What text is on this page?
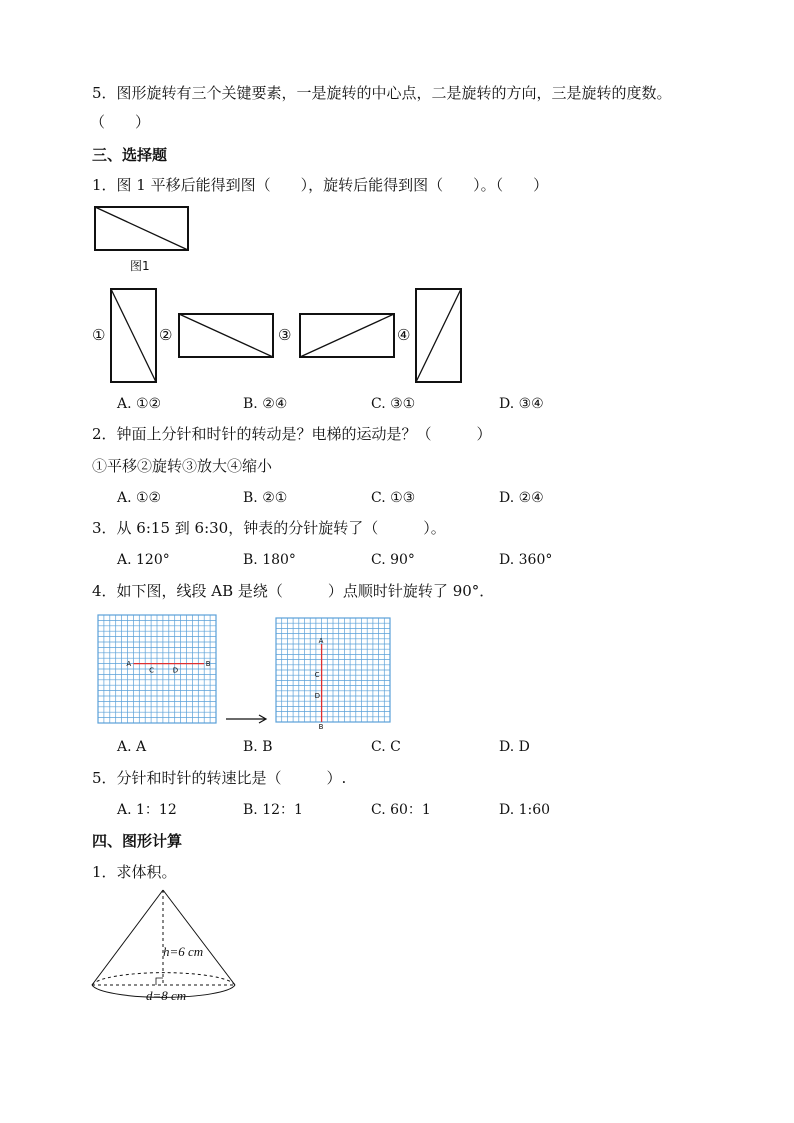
5．图形旋转有三个关键要素，一是旋转的中心点，二是旋转的方向，三是旋转的度数。
（　　）
三、选择题
1．图 1 平移后能得到图（　　），旋转后能得到图（　　）。（　　）
图1
①	②	③	④
A. ①②	B. ②④	C. ③①	D. ③④
2．钟面上分针和时针的转动是？电梯的运动是？（　　　）
①平移②旋转③放大④缩小
A. ①②	B. ②①	C. ①③	D. ②④
3．从 6:15 到 6:30，钟表的分针旋转了（　　　）。
A. 120°	B. 180°	C. 90°	D. 360°
4．如下图，线段 AB 是绕（　　　）点顺时针旋转了 90°．
A	B
C	D
A
C
D
B
A. A	B. B	C. C	D. D
5．分针和时针的转速比是（　　　）.
A. 1：12	B. 12：1	C. 60：1	D. 1:60
四、图形计算
1．求体积。
h=6 cm
d=8 cm
